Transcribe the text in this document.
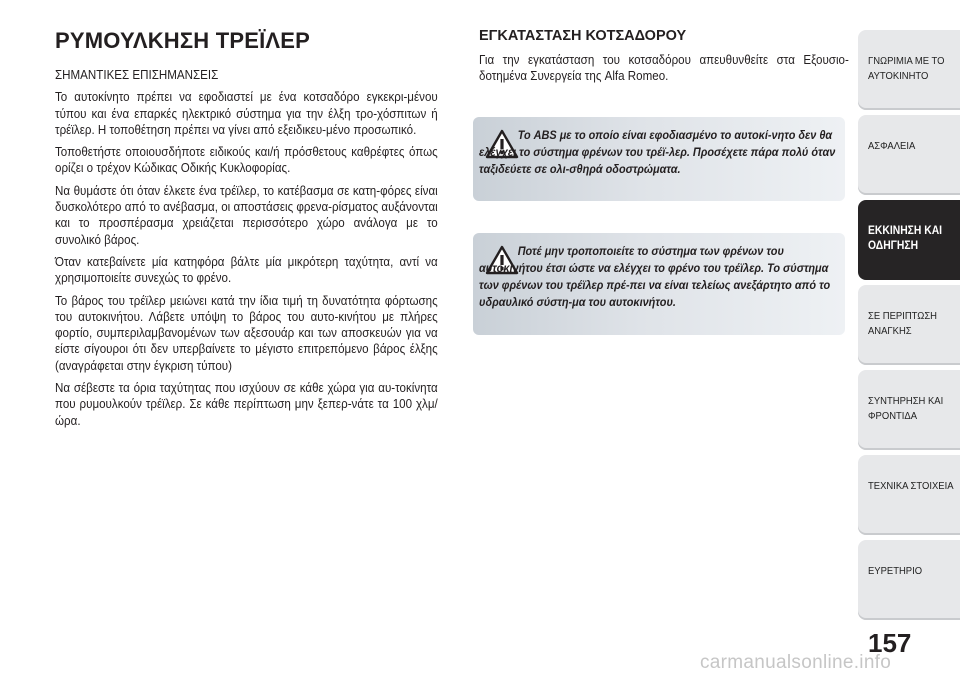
ΡΥΜΟΥΛΚΗΣΗ ΤΡΕΪΛΕΡ

ΣΗΜΑΝΤΙΚΕΣ ΕΠΙΣΗΜΑΝΣΕΙΣ

Το αυτοκίνητο πρέπει να εφοδιαστεί με ένα κοτσαδόρο εγκεκρι-μένου τύπου και ένα επαρκές ηλεκτρικό σύστημα για την έλξη τρο-χόσπιτων ή τρέϊλερ. Η τοποθέτηση πρέπει να γίνει από εξειδικευ-μένο προσωπικό.

Τοποθετήστε οποιουσδήποτε ειδικούς και/ή πρόσθετους καθρέφτες όπως ορίζει ο τρέχον Κώδικας Οδικής Κυκλοφορίας.

Να θυμάστε ότι όταν έλκετε ένα τρέϊλερ, το κατέβασμα σε κατη-φόρες είναι δυσκολότερο από το ανέβασμα, οι αποστάσεις φρενα-ρίσματος αυξάνονται και το προσπέρασμα χρειάζεται περισσότερο χώρο ανάλογα με το συνολικό βάρος.

Όταν κατεβαίνετε μία κατηφόρα βάλτε μία μικρότερη ταχύτητα, αντί να χρησιμοποιείτε συνεχώς το φρένο.

Το βάρος του τρέϊλερ μειώνει κατά την ίδια τιμή τη δυνατότητα φόρτωσης του αυτοκινήτου. Λάβετε υπόψη το βάρος του αυτο-κινήτου με πλήρες φορτίο, συμπεριλαμβανομένων των αξεσουάρ και των αποσκευών για να είστε σίγουροι ότι δεν υπερβαίνετε το μέγιστο επιτρεπόμενο βάρος έλξης (αναγράφεται στην έγκριση τύπου)

Να σέβεστε τα όρια ταχύτητας που ισχύουν σε κάθε χώρα για αυ-τοκίνητα που ρυμουλκούν τρέϊλερ. Σε κάθε περίπτωση μην ξεπερ-νάτε τα 100 χλμ/ώρα.

ΕΓΚΑΤΑΣΤΑΣΗ ΚΟΤΣΑΔΟΡΟΥ

Για την εγκατάσταση του κοτσαδόρου απευθυνθείτε στα Εξουσιο-δοτημένα Συνεργεία της Alfa Romeo.

Το ABS με το οποίο είναι εφοδιασμένο το αυτοκί-νητο δεν θα ελέγχει το σύστημα φρένων του τρέϊ-λερ. Προσέχετε πάρα πολύ όταν ταξιδεύετε σε ολι-σθηρά οδοστρώματα.

Ποτέ μην τροποποιείτε το σύστημα των φρένων του αυτοκινήτου έτσι ώστε να ελέγχει το φρένο του τρέϊλερ. Το σύστημα των φρένων του τρέϊλερ πρέ-πει να είναι τελείως ανεξάρτητο από το υδραυλικό σύστη-μα του αυτοκινήτου.

ΓΝΩΡΙΜΙΑ ΜΕ ΤΟ ΑΥΤΟΚΙΝΗΤΟ
ΑΣΦΑΛΕΙΑ
ΕΚΚΙΝΗΣΗ ΚΑΙ ΟΔΗΓΗΣΗ
ΣΕ ΠΕΡΙΠΤΩΣΗ ΑΝΑΓΚΗΣ
ΣΥΝΤΗΡΗΣΗ ΚΑΙ ΦΡΟΝΤΙΔΑ
ΤΕΧΝΙΚΑ ΣΤΟΙΧΕΙΑ
ΕΥΡΕΤΗΡΙΟ
157
carmanualsonline.info
